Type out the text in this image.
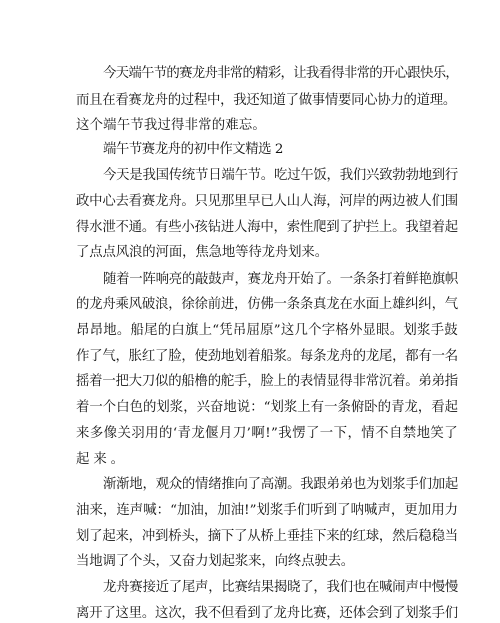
今天端午节的赛龙舟非常的精彩，让我看得非常的开心跟快乐，
而且在看赛龙舟的过程中，我还知道了做事情要同心协力的道理。
这个端午节我过得非常的难忘。
端午节赛龙舟的初中作文精选 2
今天是我国传统节日端午节。吃过午饭，我们兴致勃勃地到行
政中心去看赛龙舟。只见那里早已人山人海，河岸的两边被人们围
得水泄不通。有些小孩钻进人海中，索性爬到了护拦上。我望着起
了点点风浪的河面，焦急地等待龙舟划来。
随着一阵响亮的敲鼓声，赛龙舟开始了。一条条打着鲜艳旗帜
的龙舟乘风破浪，徐徐前进，仿佛一条条真龙在水面上雄纠纠，气
昂昂地。船尾的白旗上“凭吊屈原”这几个字格外显眼。划浆手鼓
作了气，胀红了脸，使劲地划着船浆。每条龙舟的龙尾，都有一名
摇着一把大刀似的船橹的舵手，脸上的表情显得非常沉着。弟弟指
着一个白色的划浆，兴奋地说：“划浆上有一条俯卧的青龙，看起
来多像关羽用的‘青龙偃月刀’啊!”我愣了一下，情不自禁地笑了
起来。
渐渐地，观众的情绪推向了高潮。我跟弟弟也为划浆手们加起
油来，连声喊：“加油，加油!”划浆手们听到了呐喊声，更加用力
划了起来，冲到桥头，摘下了从桥上垂挂下来的红球，然后稳稳当
当地调了个头，又奋力划起浆来，向终点驶去。
龙舟赛接近了尾声，比赛结果揭晓了，我们也在喊闹声中慢慢
离开了这里。这次，我不但看到了龙舟比赛，还体会到了划浆手们
